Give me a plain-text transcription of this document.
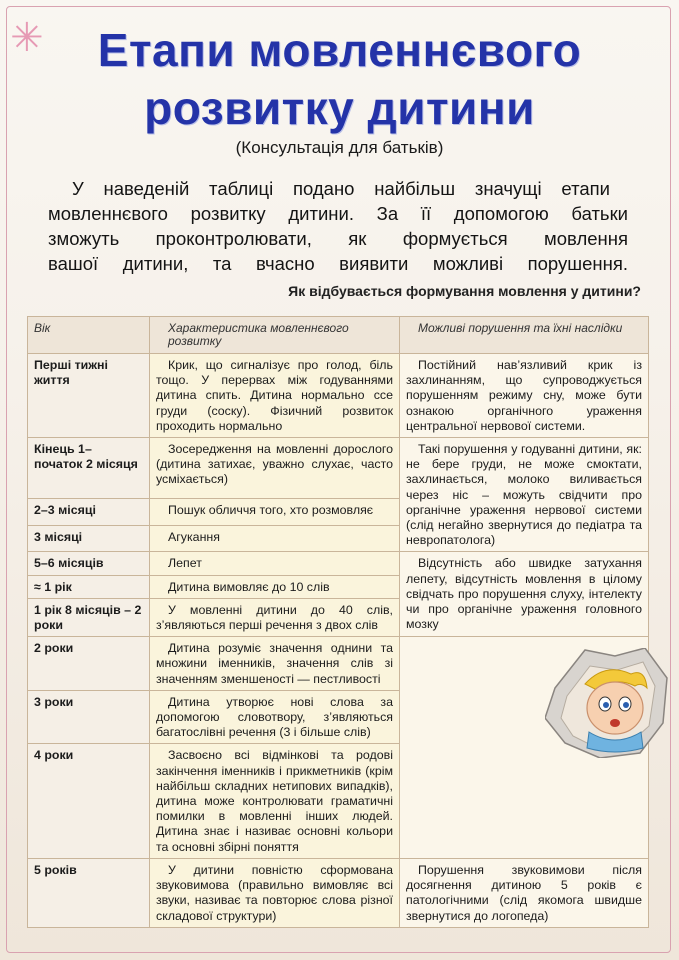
✳	Етапи мовленнєвого
розвитку дитини
(Консультація для батьків)
У наведеній таблиці подано найбільш значущі етапи
мовленнєвого розвитку дитини. За її допомогою батьки
зможуть проконтролювати, як формується мовлення
вашої дитини, та вчасно виявити можливі порушення.
Як відбувається формування мовлення у дитини?
Вік	Характеристика мовленнєвого розвитку	Можливі порушення та їхні наслідки
Перші тижні життя	Крик, що сигналізує про голод, біль тощо. У перервах між годуваннями дитина спить. Дитина нормально ссе груди (соску). Фізичний розвиток проходить нормально	Постійний нав’язливий крик із захлинанням, що супроводжується порушенням режиму сну, може бути ознакою органічного ураження центральної нервової системи.
Кінець 1– початок 2 місяця	Зосередження на мовленні дорослого (дитина затихає, уважно слухає, часто усміхається)	Такі порушення у годуванні дитини, як: не бере груди, не може смоктати, захлинається, молоко виливається через ніс – можуть свідчити про органічне ураження нервової системи (слід негайно звернутися до педіатра та невропатолога)
2–3 місяці	Пошук обличчя того, хто розмовляє	
3 місяці	Агукання	
5–6 місяців	Лепет	Відсутність або швидке затухання лепету, відсутність мовлення в цілому свідчать про порушення слуху, інтелекту чи про органічне ураження головного мозку
≈ 1 рік	Дитина вимовляє до 10 слів	
1 рік 8 місяців – 2 роки	У мовленні дитини до 40 слів, з’являються перші речення з двох слів	
2 роки	Дитина розуміє значення однини та множини іменників, значення слів зі значенням зменшеності — пестливості	
3 роки	Дитина утворює нові слова за допомогою словотвору, з’являються багатослівні речення (3 і більше слів)	
4 роки	Засвоєно всі відмінкові та родові закінчення іменників і прикметників (крім найбільш складних нетипових випадків), дитина може контролювати граматичні помилки в мовленні інших людей. Дитина знає і називає основні кольори та основні збірні поняття	
5 років	У дитини повністю сформована звуковимова (правильно вимовляє всі звуки, називає та повторює слова різної складової структури)	Порушення звуковимови після досягнення дитиною 5 років є патологічними (слід якомога швидше звернутися до логопеда)
